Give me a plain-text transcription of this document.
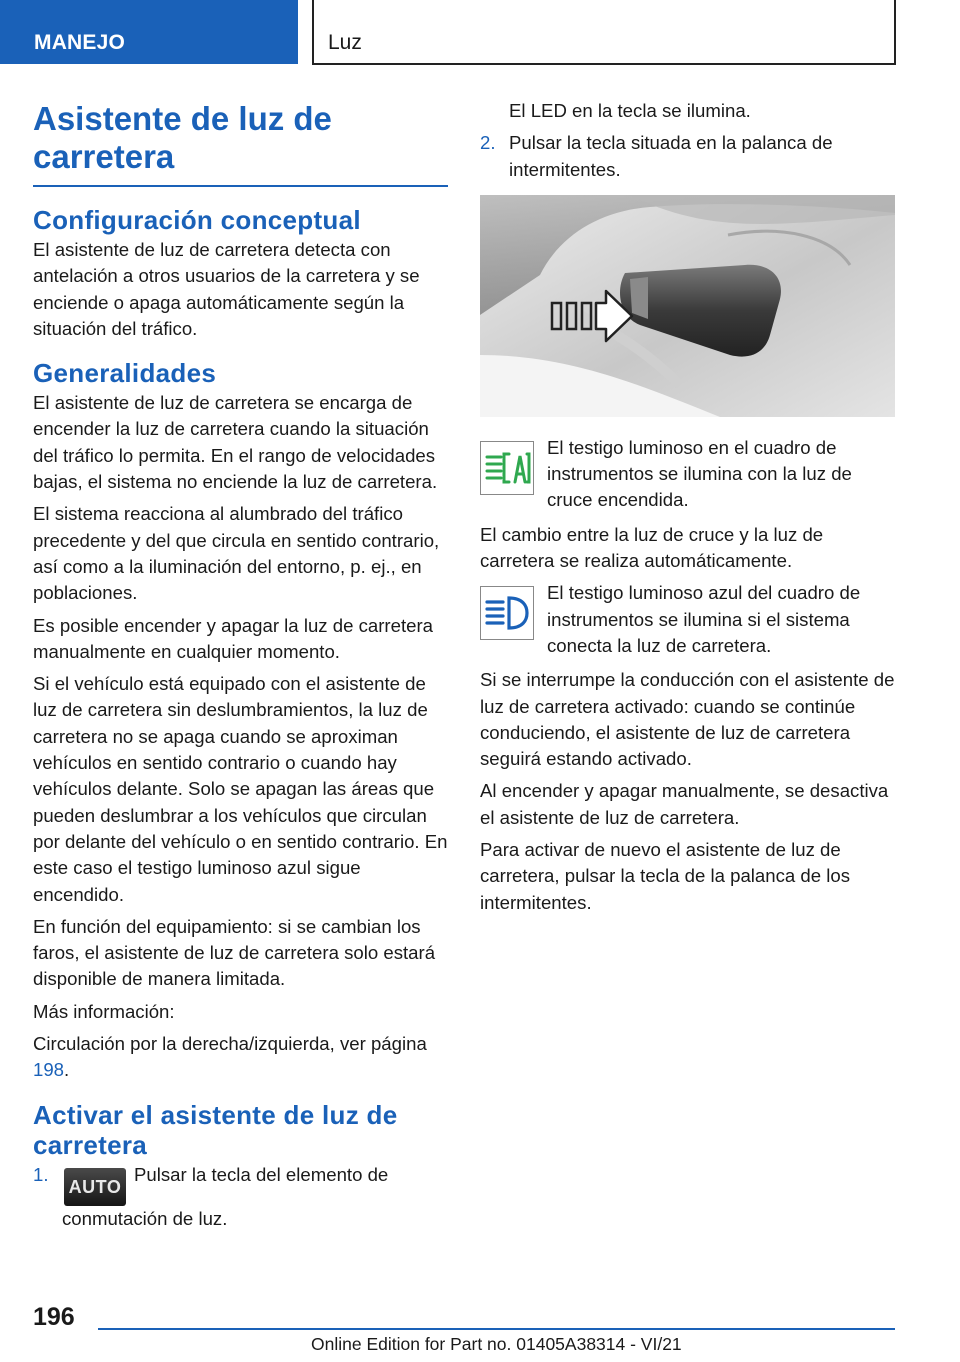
MANEJO	Luz
Asistente de luz de carretera
Configuración conceptual

El asistente de luz de carretera detecta con antelación a otros usuarios de la carretera y se enciende o apaga automáticamente según la situación del tráfico.

Generalidades

El asistente de luz de carretera se encarga de encender la luz de carretera cuando la situación del tráfico lo permita. En el rango de velocidades bajas, el sistema no enciende la luz de carretera.

El sistema reacciona al alumbrado del tráfico precedente y del que circula en sentido contrario, así como a la iluminación del entorno, p. ej., en poblaciones.

Es posible encender y apagar la luz de carretera manualmente en cualquier momento.

Si el vehículo está equipado con el asistente de luz de carretera sin deslumbramientos, la luz de carretera no se apaga cuando se aproximan vehículos en sentido contrario o cuando hay vehículos delante. Solo se apagan las áreas que pueden deslumbrar a los vehículos que circulan por delante del vehículo o en sentido contrario. En este caso el testigo luminoso azul sigue encendido.

En función del equipamiento: si se cambian los faros, el asistente de luz de carretera solo estará disponible de manera limitada.

Más información:

Circulación por la derecha/izquierda, ver página 198.

Activar el asistente de luz de carretera
1.
AUTOPulsar la tecla del elemento de conmutación de luz.
El LED en la tecla se ilumina.
2. Pulsar la tecla situada en la palanca de intermitentes.
El testigo luminoso en el cuadro de instrumentos se ilumina con la luz de cruce encendida.

El cambio entre la luz de cruce y la luz de carretera se realiza automáticamente.

El testigo luminoso azul del cuadro de instrumentos se ilumina si el sistema conecta la luz de carretera.

Si se interrumpe la conducción con el asistente de luz de carretera activado: cuando se continúe conduciendo, el asistente de luz de carretera seguirá estando activado.

Al encender y apagar manualmente, se desactiva el asistente de luz de carretera.

Para activar de nuevo el asistente de luz de carretera, pulsar la tecla de la palanca de los intermitentes.

196
Online Edition for Part no. 01405A38314 - VI/21
